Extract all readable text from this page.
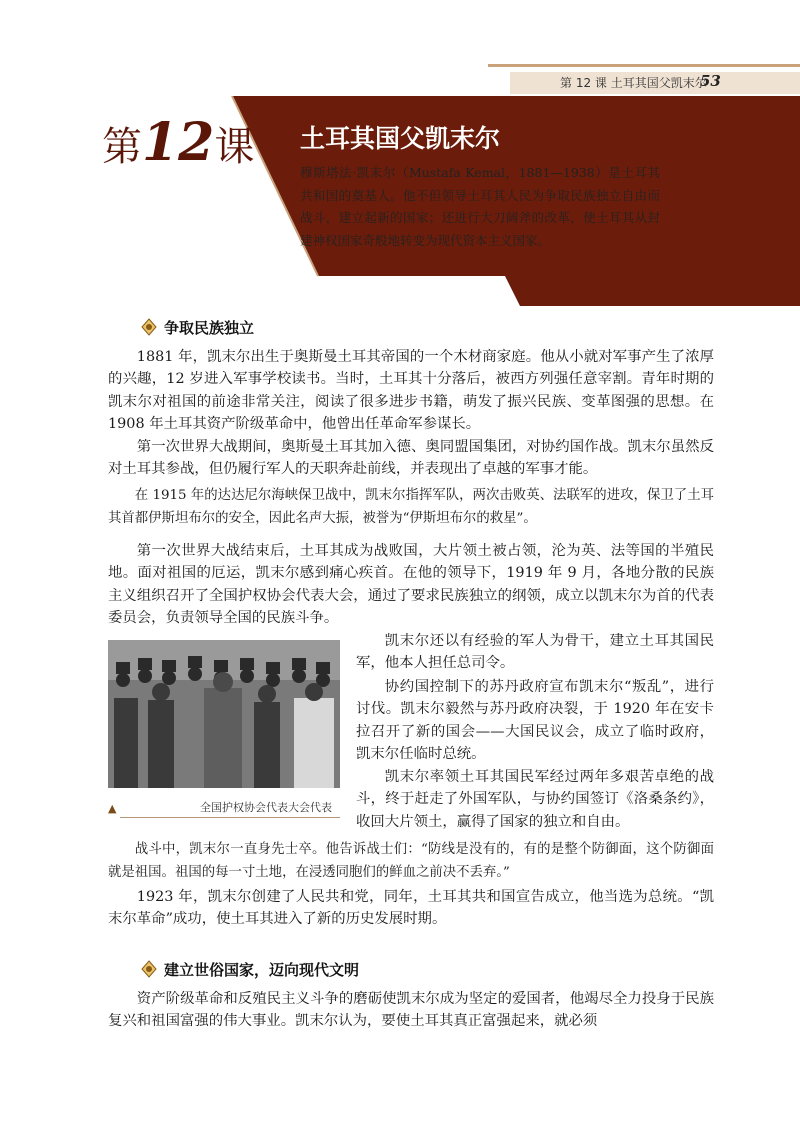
第 12 课 土耳其国父凯末尔
53
第12课 土耳其国父凯末尔
穆斯塔法·凯末尔（Mustafa Kemal，1881—1938）是土耳其共和国的奠基人。他不但领导土耳其人民为争取民族独立自由而战斗，建立起新的国家；还进行大刀阔斧的改革，使土耳其从封建神权国家奇般地转变为现代资本主义国家。
争取民族独立
1881 年，凯末尔出生于奥斯曼土耳其帝国的一个木材商家庭。他从小就对军事产生了浓厚的兴趣，12 岁进入军事学校读书。当时，土耳其十分落后，被西方列强任意宰割。青年时期的凯末尔对祖国的前途非常关注，阅读了很多进步书籍，萌发了振兴民族、变革图强的思想。在 1908 年土耳其资产阶级革命中，他曾出任革命军参谋长。
第一次世界大战期间，奥斯曼土耳其加入德、奥同盟国集团，对协约国作战。凯末尔虽然反对土耳其参战，但仍履行军人的天职奔赴前线，并表现出了卓越的军事才能。
在 1915 年的达达尼尔海峡保卫战中，凯末尔指挥军队，两次击败英、法联军的进攻，保卫了土耳其首都伊斯坦布尔的安全，因此名声大振，被誉为“伊斯坦布尔的救星”。
第一次世界大战结束后，土耳其成为战败国，大片领土被占领，沦为英、法等国的半殖民地。面对祖国的厄运，凯末尔感到痛心疾首。在他的领导下，1919 年 9 月，各地分散的民族主义组织召开了全国护权协会代表大会，通过了要求民族独立的纲领，成立以凯末尔为首的代表委员会，负责领导全国的民族斗争。
▲	全国护权协会代表大会代表
凯末尔还以有经验的军人为骨干，建立土耳其国民军，他本人担任总司令。
协约国控制下的苏丹政府宣布凯末尔“叛乱”，进行讨伐。凯末尔毅然与苏丹政府决裂，于 1920 年在安卡拉召开了新的国会——大国民议会，成立了临时政府，凯末尔任临时总统。
凯末尔率领土耳其国民军经过两年多艰苦卓绝的战斗，终于赶走了外国军队，与协约国签订《洛桑条约》，收回大片领土，赢得了国家的独立和自由。
战斗中，凯末尔一直身先士卒。他告诉战士们：“防线是没有的，有的是整个防御面，这个防御面就是祖国。祖国的每一寸土地，在浸透同胞们的鲜血之前决不丢弃。”
1923 年，凯末尔创建了人民共和党，同年，土耳其共和国宣告成立，他当选为总统。“凯末尔革命”成功，使土耳其进入了新的历史发展时期。
建立世俗国家，迈向现代文明
资产阶级革命和反殖民主义斗争的磨砺使凯末尔成为坚定的爱国者，他竭尽全力投身于民族复兴和祖国富强的伟大事业。凯末尔认为，要使土耳其真正富强起来，就必须
